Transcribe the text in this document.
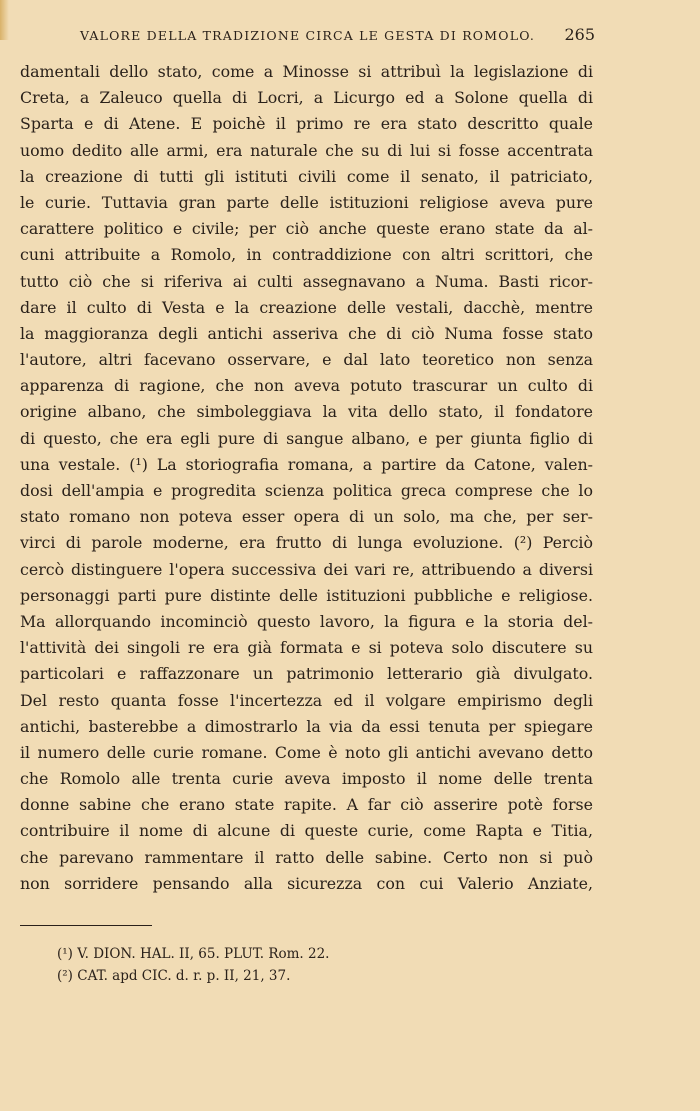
VALORE DELLA TRADIZIONE CIRCA LE GESTA DI ROMOLO. 265
damentali dello stato, come a Minosse si attribuì la legislazione di
Creta, a Zaleuco quella di Locri, a Licurgo ed a Solone quella di
Sparta e di Atene. E poichè il primo re era stato descritto quale
uomo dedito alle armi, era naturale che su di lui si fosse accentrata
la creazione di tutti gli istituti civili come il senato, il patriciato,
le curie. Tuttavia gran parte delle istituzioni religiose aveva pure
carattere politico e civile; per ciò anche queste erano state da al-
cuni attribuite a Romolo, in contraddizione con altri scrittori, che
tutto ciò che si riferiva ai culti assegnavano a Numa. Basti ricor-
dare il culto di Vesta e la creazione delle vestali, dacchè, mentre
la maggioranza degli antichi asseriva che di ciò Numa fosse stato
l'autore, altri facevano osservare, e dal lato teoretico non senza
apparenza di ragione, che non aveva potuto trascurar un culto di
origine albano, che simboleggiava la vita dello stato, il fondatore
di questo, che era egli pure di sangue albano, e per giunta figlio di
una vestale. (¹) La storiografia romana, a partire da Catone, valen-
dosi dell'ampia e progredita scienza politica greca comprese che lo
stato romano non poteva esser opera di un solo, ma che, per ser-
virci di parole moderne, era frutto di lunga evoluzione. (²) Perciò
cercò distinguere l'opera successiva dei vari re, attribuendo a diversi
personaggi parti pure distinte delle istituzioni pubbliche e religiose.
Ma allorquando incominciò questo lavoro, la figura e la storia del-
l'attività dei singoli re era già formata e si poteva solo discutere su
particolari e raffazzonare un patrimonio letterario già divulgato.
Del resto quanta fosse l'incertezza ed il volgare empirismo degli
antichi, basterebbe a dimostrarlo la via da essi tenuta per spiegare
il numero delle curie romane. Come è noto gli antichi avevano detto
che Romolo alle trenta curie aveva imposto il nome delle trenta
donne sabine che erano state rapite. A far ciò asserire potè forse
contribuire il nome di alcune di queste curie, come Rapta e Titia,
che parevano rammentare il ratto delle sabine. Certo non si può
non sorridere pensando alla sicurezza con cui Valerio Anziate,
(¹) V. DION. HAL. II, 65. PLUT. Rom. 22.
(²) CAT. apd CIC. d. r. p. II, 21, 37.
